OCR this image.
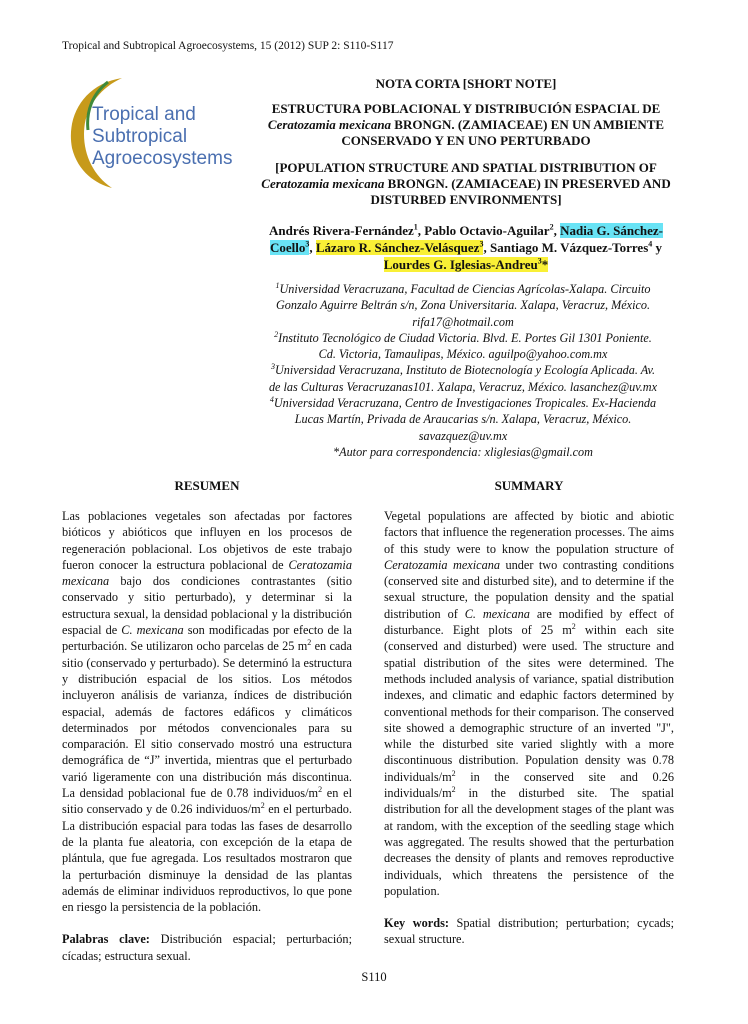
Tropical and Subtropical Agroecosystems, 15 (2012) SUP 2: S110-S117
Tropical and
Subtropical
Agroecosystems
NOTA CORTA [SHORT NOTE]
ESTRUCTURA POBLACIONAL Y DISTRIBUCIÓN ESPACIAL DE
Ceratozamia mexicana BRONGN. (ZAMIACEAE) EN UN AMBIENTE
CONSERVADO Y EN UNO PERTURBADO
[POPULATION STRUCTURE AND SPATIAL DISTRIBUTION OF
Ceratozamia mexicana BRONGN. (ZAMIACEAE) IN PRESERVED AND
DISTURBED ENVIRONMENTS]
Andrés Rivera-Fernández$^1$, Pablo Octavio-Aguilar$^2$, Nadia G. Sánchez-
Coello$^3$, Lázaro R. Sánchez-Velásquez$^3$, Santiago M. Vázquez-Torres$^4$ y
Lourdes G. Iglesias-Andreu$^3$*
$^1$Universidad Veracruzana, Facultad de Ciencias Agrícolas-Xalapa. Circuito
Gonzalo Aguirre Beltrán s/n, Zona Universitaria. Xalapa, Veracruz, México.
rifa17@hotmail.com
$^2$Instituto Tecnológico de Ciudad Victoria. Blvd. E. Portes Gil 1301 Poniente.
Cd. Victoria, Tamaulipas, México. aguilpo@yahoo.com.mx
$^3$Universidad Veracruzana, Instituto de Biotecnología y Ecología Aplicada. Av.
de las Culturas Veracruzanas101. Xalapa, Veracruz, México. lasanchez@uv.mx
$^4$Universidad Veracruzana, Centro de Investigaciones Tropicales. Ex-Hacienda
Lucas Martín, Privada de Araucarias s/n. Xalapa, Veracruz, México.
savazquez@uv.mx
*Autor para correspondencia: xliglesias@gmail.com
RESUMEN	SUMMARY

Las poblaciones vegetales son afectadas por factores bióticos y abióticos que influyen en los procesos de regeneración poblacional. Los objetivos de este trabajo fueron conocer la estructura poblacional de Ceratozamia mexicana bajo dos condiciones contrastantes (sitio conservado y sitio perturbado), y determinar si la estructura sexual, la densidad poblacional y la distribución espacial de C. mexicana son modificadas por efecto de la perturbación. Se utilizaron ocho parcelas de 25 $m^2$ en cada sitio (conservado y perturbado). Se determinó la estructura y distribución espacial de los sitios. Los métodos incluyeron análisis de varianza, índices de distribución espacial, además de factores edáficos y climáticos determinados por métodos convencionales para su comparación. El sitio conservado mostró una estructura demográfica de “J” invertida, mientras que el perturbado varió ligeramente con una distribución más discontinua. La densidad poblacional fue de 0.78 individuos/$m^2$ en el sitio conservado y de 0.26 individuos/$m^2$ en el perturbado. La distribución espacial para todas las fases de desarrollo de la planta fue aleatoria, con excepción de la etapa de plántula, que fue agregada. Los resultados mostraron que la perturbación disminuye la densidad de las plantas además de eliminar individuos reproductivos, lo que pone en riesgo la persistencia de la población.

Palabras clave: Distribución espacial; perturbación; cícadas; estructura sexual.

Vegetal populations are affected by biotic and abiotic factors that influence the regeneration processes. The aims of this study were to know the population structure of Ceratozamia mexicana under two contrasting conditions (conserved site and disturbed site), and to determine if the sexual structure, the population density and the spatial distribution of C. mexicana are modified by effect of disturbance. Eight plots of 25 $m^2$ within each site (conserved and disturbed) were used. The structure and spatial distribution of the sites were determined. The methods included analysis of variance, spatial distribution indexes, and climatic and edaphic factors determined by conventional methods for their comparison. The conserved site showed a demographic structure of an inverted "J", while the disturbed site varied slightly with a more discontinuous distribution. Population density was 0.78 individuals/$m^2$ in the conserved site and 0.26 individuals/$m^2$ in the disturbed site. The spatial distribution for all the development stages of the plant was at random, with the exception of the seedling stage which was aggregated. The results showed that the perturbation decreases the density of plants and removes reproductive individuals, which threatens the persistence of the population.

Key words: Spatial distribution; perturbation; cycads; sexual structure.

S110
